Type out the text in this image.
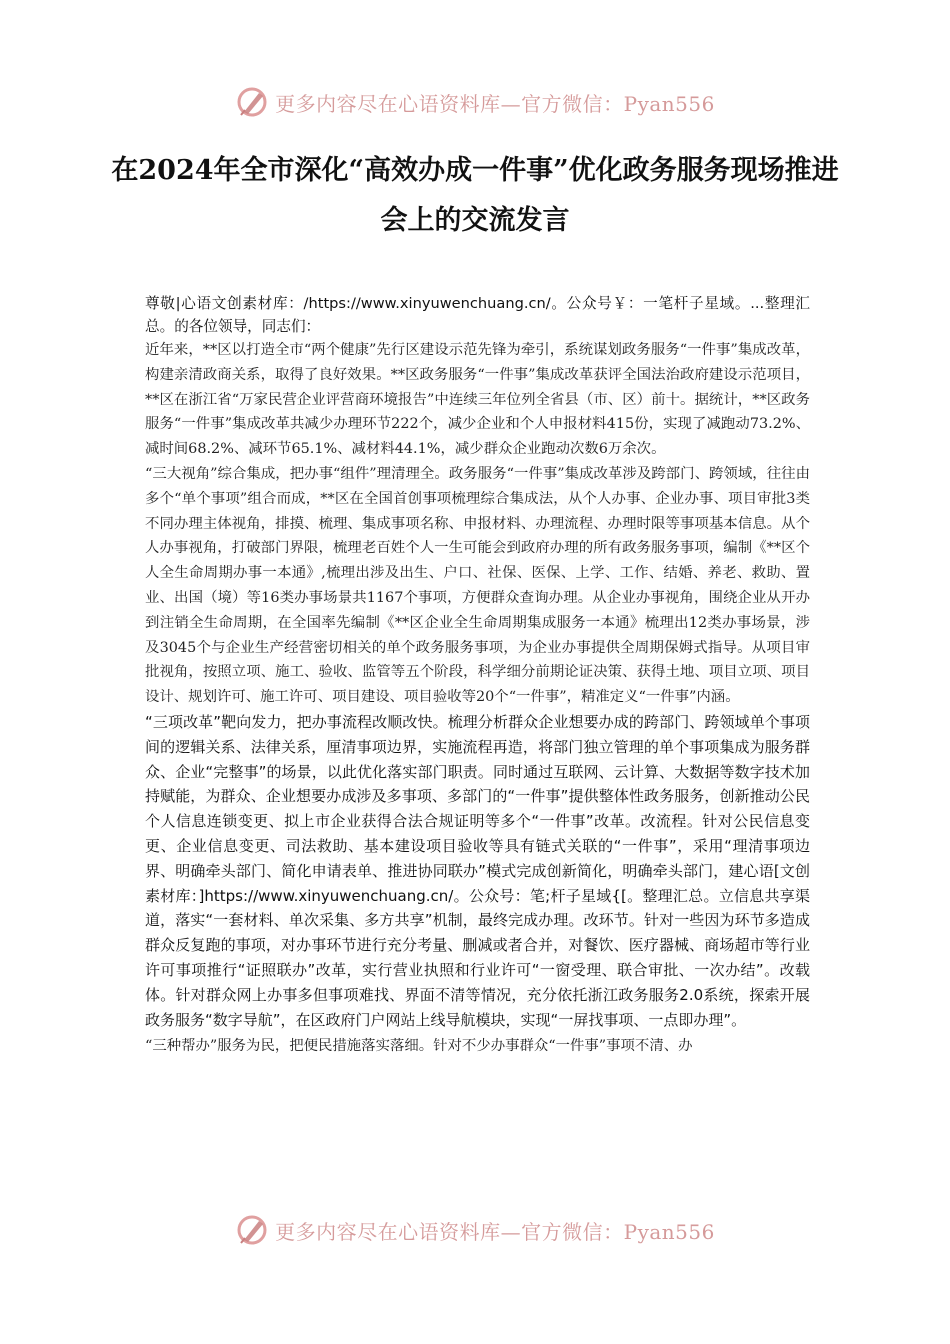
更多内容尽在心语资料库—官方微信：Pyan556
在2024年全市深化“高效办成一件事”优化政务服务现场推进会上的交流发言

尊敬|心语文创素材库：/https://www.xinyuwenchuang.cn/。公众号￥：一笔杆子星域。...整理汇总。的各位领导，同志们：

近年来，**区以打造全市“两个健康”先行区建设示范先锋为牵引，系统谋划政务服务“一件事”集成改革，构建亲清政商关系，取得了良好效果。**区政务服务“一件事”集成改革获评全国法治政府建设示范项目，**区在浙江省“万家民营企业评营商环境报告”中连续三年位列全省县（市、区）前十。据统计，**区政务服务“一件事”集成改革共减少办理环节222个，减少企业和个人申报材料415份，实现了减跑动73.2%、减时间68.2%、减环节65.1%、减材料44.1%，减少群众企业跑动次数6万余次。

“三大视角”综合集成，把办事“组件”理清理全。政务服务“一件事”集成改革涉及跨部门、跨领域，往往由多个“单个事项”组合而成，**区在全国首创事项梳理综合集成法，从个人办事、企业办事、项目审批3类不同办理主体视角，排摸、梳理、集成事项名称、申报材料、办理流程、办理时限等事项基本信息。从个人办事视角，打破部门界限，梳理老百姓个人一生可能会到政府办理的所有政务服务事项，编制《**区个人全生命周期办事一本通》,梳理出涉及出生、户口、社保、医保、上学、工作、结婚、养老、救助、置业、出国（境）等16类办事场景共1167个事项，方便群众查询办理。从企业办事视角，围绕企业从开办到注销全生命周期，在全国率先编制《**区企业全生命周期集成服务一本通》梳理出12类办事场景，涉及3045个与企业生产经营密切相关的单个政务服务事项，为企业办事提供全周期保姆式指导。从项目审批视角，按照立项、施工、验收、监管等五个阶段，科学细分前期论证决策、获得土地、项目立项、项目设计、规划许可、施工许可、项目建设、项目验收等20个“一件事”，精准定义“一件事”内涵。

“三项改革”靶向发力，把办事流程改顺改快。梳理分析群众企业想要办成的跨部门、跨领域单个事项间的逻辑关系、法律关系，厘清事项边界，实施流程再造，将部门独立管理的单个事项集成为服务群众、企业“完整事”的场景，以此优化落实部门职责。同时通过互联网、云计算、大数据等数字技术加持赋能，为群众、企业想要办成涉及多事项、多部门的“一件事”提供整体性政务服务，创新推动公民个人信息连锁变更、拟上市企业获得合法合规证明等多个“一件事”改革。改流程。针对公民信息变更、企业信息变更、司法救助、基本建设项目验收等具有链式关联的“一件事”，采用“理清事项边界、明确牵头部门、简化申请表单、推进协同联办”模式完成创新简化，明确牵头部门，建心语[文创素材库：]https://www.xinyuwenchuang.cn/。公众号：笔;杆子星域{[。整理汇总。立信息共享渠道，落实“一套材料、单次采集、多方共享”机制，最终完成办理。改环节。针对一些因为环节多造成群众反复跑的事项，对办事环节进行充分考量、删减或者合并，对餐饮、医疗器械、商场超市等行业许可事项推行“证照联办”改革，实行营业执照和行业许可“一窗受理、联合审批、一次办结”。改载体。针对群众网上办事多但事项难找、界面不清等情况，充分依托浙江政务服务2.0系统，探索开展政务服务“数字导航”，在区政府门户网站上线导航模块，实现“一屏找事项、一点即办理”。

“三种帮办”服务为民，把便民措施落实落细。针对不少办事群众“一件事”事项不清、办

更多内容尽在心语资料库—官方微信：Pyan556
